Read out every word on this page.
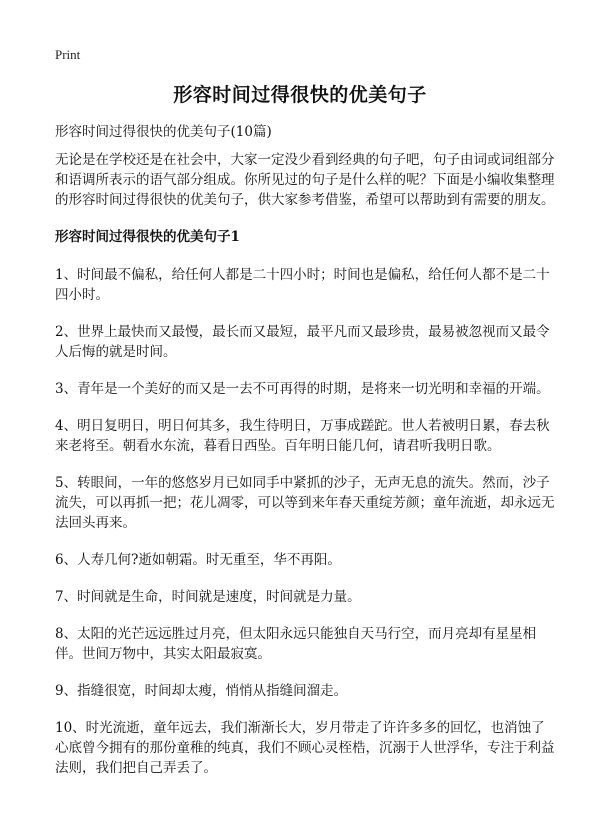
Print
形容时间过得很快的优美句子
形容时间过得很快的优美句子(10篇)

无论是在学校还是在社会中，大家一定没少看到经典的句子吧，句子由词或词组部分和语调所表示的语气部分组成。你所见过的句子是什么样的呢？下面是小编收集整理的形容时间过得很快的优美句子，供大家参考借鉴，希望可以帮助到有需要的朋友。

形容时间过得很快的优美句子1

1、时间最不偏私，给任何人都是二十四小时；时间也是偏私，给任何人都不是二十四小时。

2、世界上最快而又最慢，最长而又最短，最平凡而又最珍贵，最易被忽视而又最令人后悔的就是时间。

3、青年是一个美好的而又是一去不可再得的时期，是将来一切光明和幸福的开端。

4、明日复明日，明日何其多，我生待明日，万事成蹉跎。世人若被明日累，春去秋来老将至。朝看水东流，暮看日西坠。百年明日能几何，请君听我明日歌。

5、转眼间，一年的悠悠岁月已如同手中紧抓的沙子，无声无息的流失。然而，沙子流失，可以再抓一把；花儿凋零，可以等到来年春天重绽芳颜；童年流逝，却永远无法回头再来。

6、人寿几何?逝如朝霜。时无重至，华不再阳。

7、时间就是生命，时间就是速度，时间就是力量。

8、太阳的光芒远远胜过月亮，但太阳永远只能独自天马行空，而月亮却有星星相伴。世间万物中，其实太阳最寂寞。

9、指缝很宽，时间却太瘦，悄悄从指缝间溜走。

10、时光流逝，童年远去，我们渐渐长大，岁月带走了许许多多的回忆，也消蚀了心底曾今拥有的那份童稚的纯真，我们不顾心灵桎梏，沉溺于人世浮华，专注于利益法则，我们把自己弄丢了。
